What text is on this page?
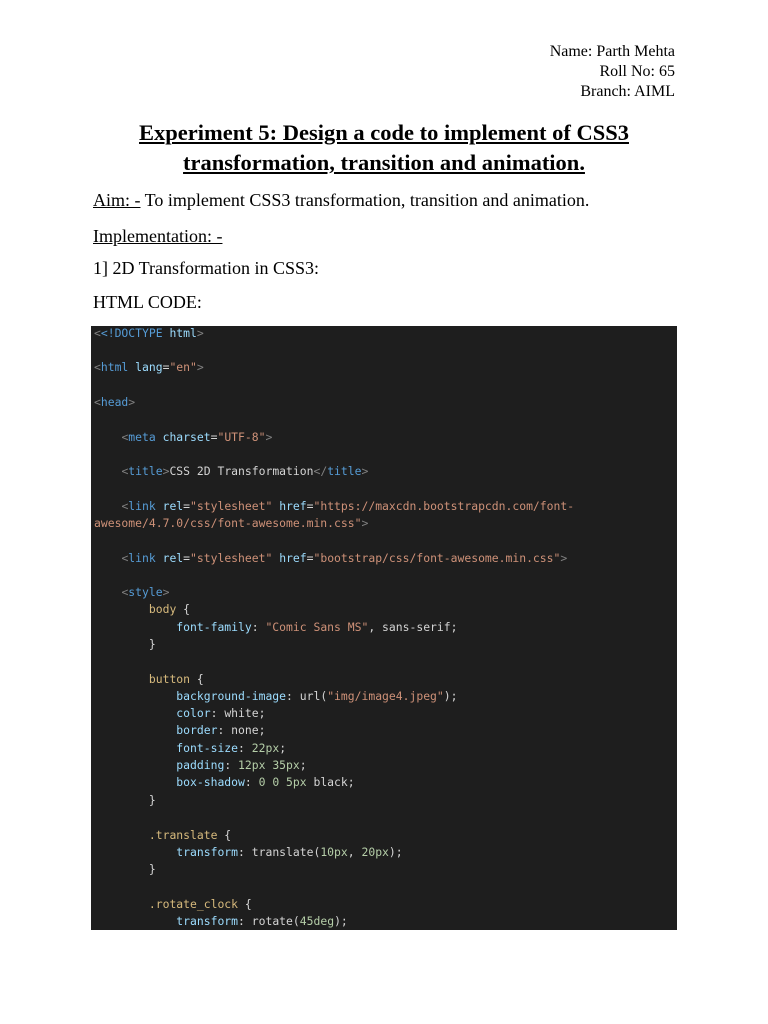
Name: Parth Mehta
Roll No: 65
Branch: AIML
Experiment 5: Design a code to implement of CSS3
transformation, transition and animation.
Aim: - To implement CSS3 transformation, transition and animation.
Implementation: -
1] 2D Transformation in CSS3:
HTML CODE:
<<!DOCTYPE html>
<html lang="en">
<head>
<meta charset="UTF-8">
<title>CSS 2D Transformation</title>
<link rel="stylesheet" href="https://maxcdn.bootstrapcdn.com/font-
awesome/4.7.0/css/font-awesome.min.css">
<link rel="stylesheet" href="bootstrap/css/font-awesome.min.css">
<style>
body {
font-family: "Comic Sans MS", sans-serif;
}
button {
background-image: url("img/image4.jpeg");
color: white;
border: none;
font-size: 22px;
padding: 12px 35px;
box-shadow: 0 0 5px black;
}
.translate {
transform: translate(10px, 20px);
}
.rotate_clock {
transform: rotate(45deg);
